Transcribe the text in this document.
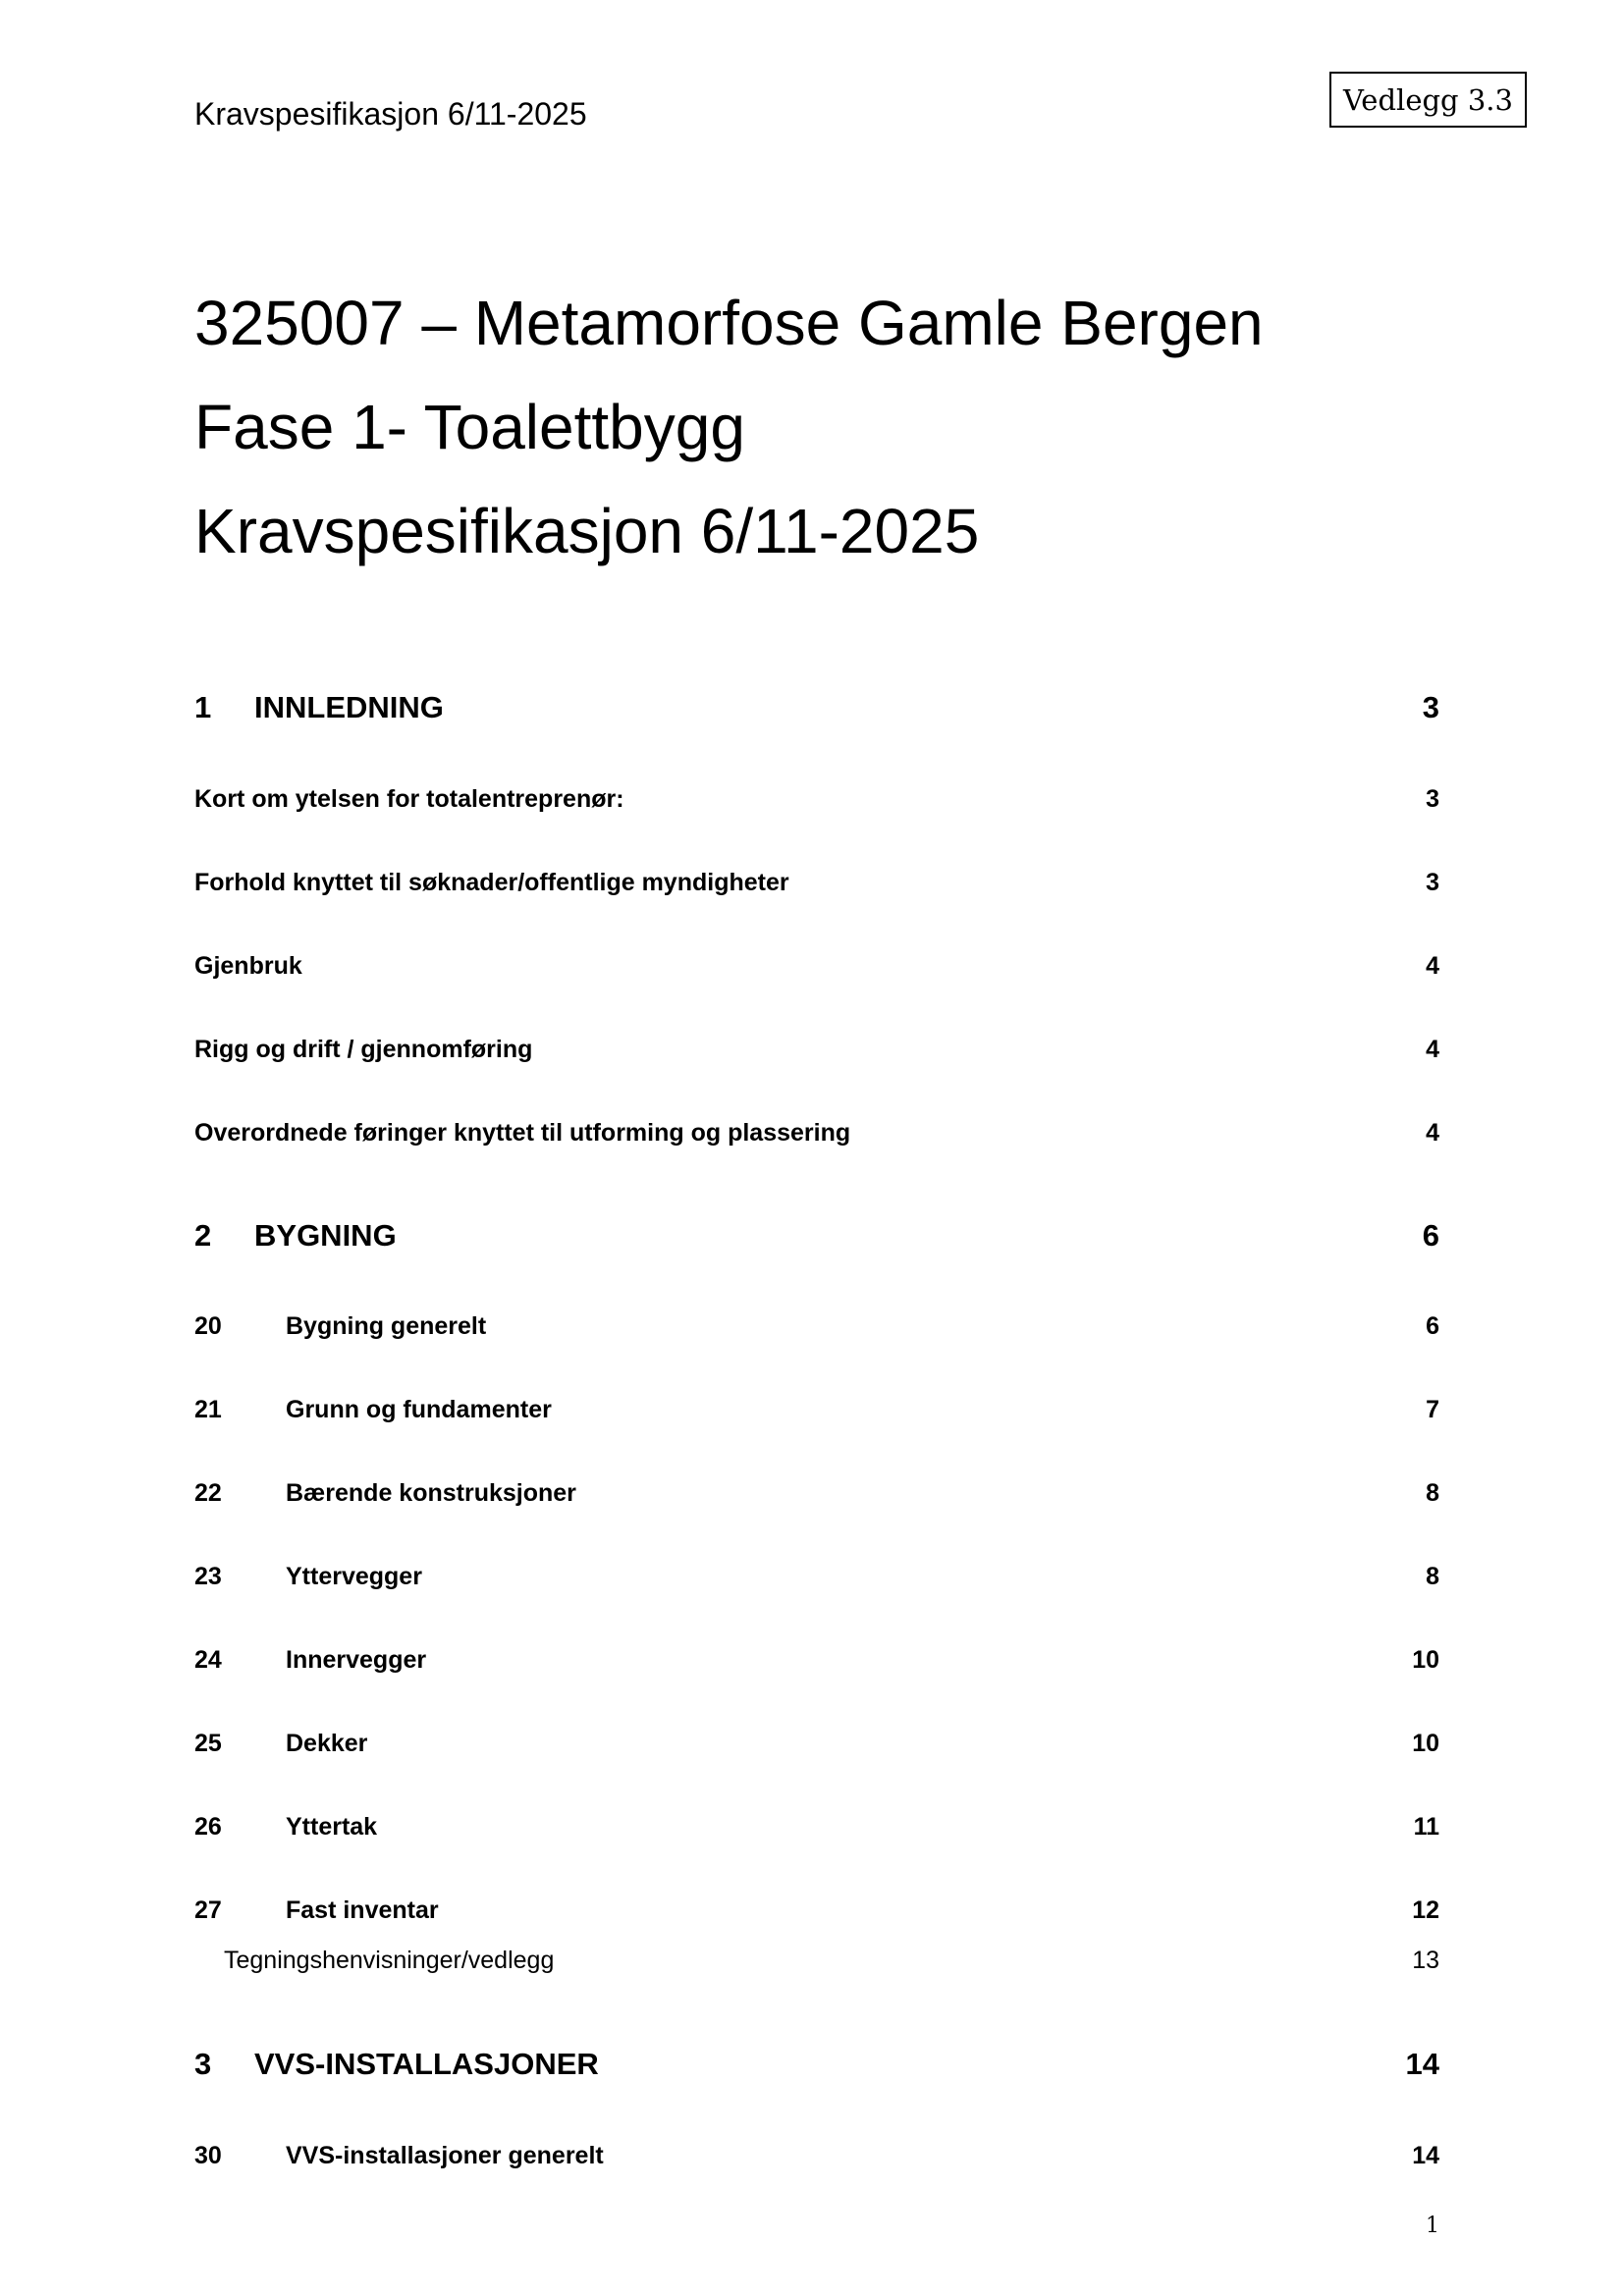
Kravspesifikasjon 6/11-2025	Vedlegg 3.3
325007 – Metamorfose Gamle Bergen
Fase 1- Toalettbygg
Kravspesifikasjon 6/11-2025
1	INNLEDNING	3
Kort om ytelsen for totalentreprenør:	3
Forhold knyttet til søknader/offentlige myndigheter	3
Gjenbruk	4
Rigg og drift / gjennomføring	4
Overordnede føringer knyttet til utforming og plassering	4
2	BYGNING	6
20	Bygning generelt	6
21	Grunn og fundamenter	7
22	Bærende konstruksjoner	8
23	Yttervegger	8
24	Innervegger	10
25	Dekker	10
26	Yttertak	11
27	Fast inventar	12
Tegningshenvisninger/vedlegg	13
3	VVS-INSTALLASJONER	14
30	VVS-installasjoner generelt	14
1
